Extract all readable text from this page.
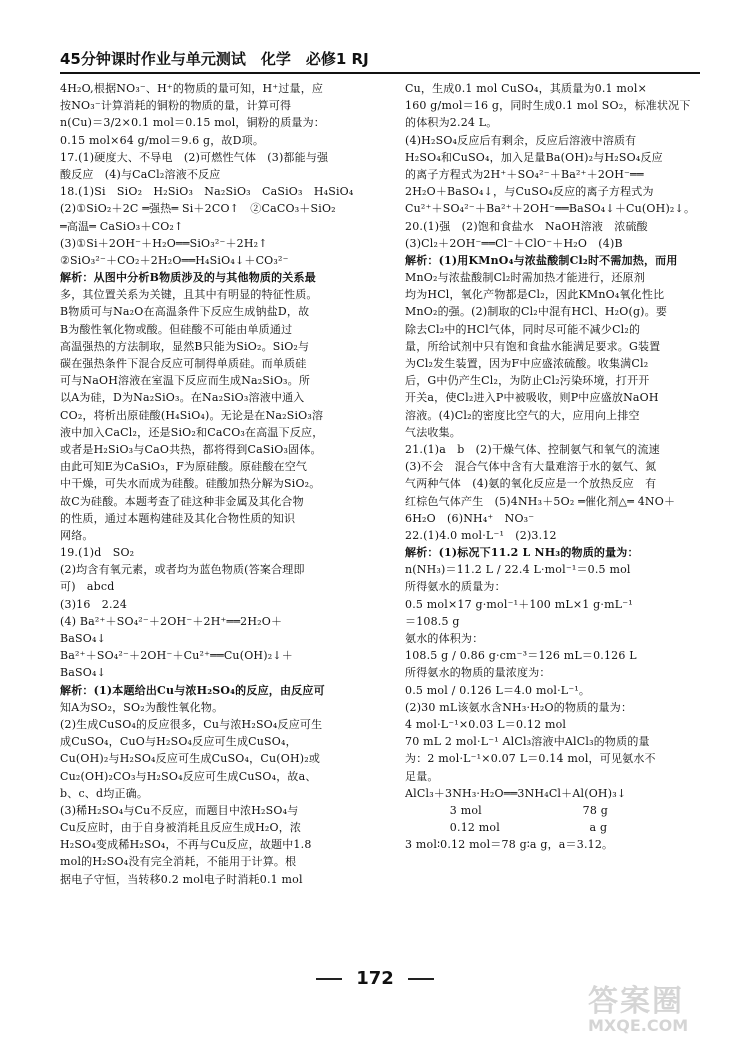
45分钟课时作业与单元测试　化学　必修1 RJ
4H₂O,根据NO₃⁻、H⁺的物质的量可知，H⁺过量，应
按NO₃⁻计算消耗的铜粉的物质的量，计算可得
n(Cu)＝3/2×0.1 mol＝0.15 mol，铜粉的质量为：
0.15 mol×64 g/mol＝9.6 g，故D项。
17.(1)硬度大、不导电　(2)可燃性气体　(3)都能与强
酸反应　(4)与CaCl₂溶液不反应
18.(1)Si　SiO₂　H₂SiO₃　Na₂SiO₃　CaSiO₃　H₄SiO₄
(2)①SiO₂＋2C ═强热═ Si＋2CO↑　②CaCO₃＋SiO₂
═高温═ CaSiO₃＋CO₂↑
(3)①Si＋2OH⁻＋H₂O══SiO₃²⁻＋2H₂↑
②SiO₃²⁻＋CO₂＋2H₂O══H₄SiO₄↓＋CO₃²⁻
解析：从图中分析B物质涉及的与其他物质的关系最
多，其位置关系为关键，且其中有明显的特征性质。
B物质可与Na₂O在高温条件下反应生成钠盐D，故
B为酸性氧化物或酸。但硅酸不可能由单质通过
高温强热的方法制取，显然B只能为SiO₂。SiO₂与
碳在强热条件下混合反应可制得单质硅。而单质硅
可与NaOH溶液在室温下反应而生成Na₂SiO₃。所
以A为硅，D为Na₂SiO₃。在Na₂SiO₃溶液中通入
CO₂，将析出原硅酸(H₄SiO₄)。无论是在Na₂SiO₃溶
液中加入CaCl₂，还是SiO₂和CaCO₃在高温下反应，
或者是H₂SiO₃与CaO共热，都将得到CaSiO₃固体。
由此可知E为CaSiO₃，F为原硅酸。原硅酸在空气
中干燥，可失水而成为硅酸。硅酸加热分解为SiO₂。
故C为硅酸。本题考查了硅这种非金属及其化合物
的性质，通过本题构建硅及其化合物性质的知识
网络。
19.(1)d　SO₂
(2)均含有氧元素，或者均为蓝色物质(答案合理即
可)　abcd
(3)16　2.24
(4) Ba²⁺＋SO₄²⁻＋2OH⁻＋2H⁺══2H₂O＋
BaSO₄↓
Ba²⁺＋SO₄²⁻＋2OH⁻＋Cu²⁺══Cu(OH)₂↓＋
BaSO₄↓
解析：(1)本题给出Cu与浓H₂SO₄的反应，由反应可
知A为SO₂，SO₂为酸性氧化物。
(2)生成CuSO₄的反应很多，Cu与浓H₂SO₄反应可生
成CuSO₄，CuO与H₂SO₄反应可生成CuSO₄，
Cu(OH)₂与H₂SO₄反应可生成CuSO₄，Cu(OH)₂或
Cu₂(OH)₂CO₃与H₂SO₄反应可生成CuSO₄，故a、
b、c、d均正确。
(3)稀H₂SO₄与Cu不反应，而题目中浓H₂SO₄与
Cu反应时，由于自身被消耗且反应生成H₂O，浓
H₂SO₄变成稀H₂SO₄，不再与Cu反应，故题中1.8
mol的H₂SO₄没有完全消耗，不能用于计算。根
据电子守恒，当转移0.2 mol电子时消耗0.1 mol
Cu，生成0.1 mol CuSO₄，其质量为0.1 mol×
160 g/mol＝16 g，同时生成0.1 mol SO₂，标准状况下
的体积为2.24 L。
(4)H₂SO₄反应后有剩余，反应后溶液中溶质有
H₂SO₄和CuSO₄，加入足量Ba(OH)₂与H₂SO₄反应
的离子方程式为2H⁺＋SO₄²⁻＋Ba²⁺＋2OH⁻══
2H₂O＋BaSO₄↓，与CuSO₄反应的离子方程式为
Cu²⁺＋SO₄²⁻＋Ba²⁺＋2OH⁻══BaSO₄↓＋Cu(OH)₂↓。
20.(1)强　(2)饱和食盐水　NaOH溶液　浓硫酸
(3)Cl₂＋2OH⁻══Cl⁻＋ClO⁻＋H₂O　(4)B
解析：(1)用KMnO₄与浓盐酸制Cl₂时不需加热，而用
MnO₂与浓盐酸制Cl₂时需加热才能进行，还原剂
均为HCl，氧化产物都是Cl₂，因此KMnO₄氧化性比
MnO₂的强。(2)制取的Cl₂中混有HCl、H₂O(g)。要
除去Cl₂中的HCl气体，同时尽可能不减少Cl₂的
量，所给试剂中只有饱和食盐水能满足要求。G装置
为Cl₂发生装置，因为F中应盛浓硫酸。收集满Cl₂
后，G中仍产生Cl₂，为防止Cl₂污染环境，打开开
开关a，使Cl₂进入P中被吸收，则P中应盛放NaOH
溶液。(4)Cl₂的密度比空气的大，应用向上排空
气法收集。
21.(1)a　b　(2)干燥气体、控制氨气和氧气的流速
(3)不会　混合气体中含有大量难溶于水的氨气、氮
气两种气体　(4)氨的氧化反应是一个放热反应　有
红棕色气体产生　(5)4NH₃＋5O₂ ═催化剂△═ 4NO＋
6H₂O　(6)NH₄⁺　NO₃⁻
22.(1)4.0 mol·L⁻¹　(2)3.12
解析：(1)标况下11.2 L NH₃的物质的量为：
n(NH₃)＝11.2 L / 22.4 L·mol⁻¹＝0.5 mol
所得氨水的质量为：
0.5 mol×17 g·mol⁻¹＋100 mL×1 g·mL⁻¹
＝108.5 g
氨水的体积为：
108.5 g / 0.86 g·cm⁻³＝126 mL＝0.126 L
所得氨水的物质的量浓度为：
0.5 mol / 0.126 L＝4.0 mol·L⁻¹。
(2)30 mL该氨水含NH₃·H₂O的物质的量为：
4 mol·L⁻¹×0.03 L＝0.12 mol
70 mL 2 mol·L⁻¹ AlCl₃溶液中AlCl₃的物质的量
为：2 mol·L⁻¹×0.07 L＝0.14 mol，可见氨水不
足量。
AlCl₃＋3NH₃·H₂O══3NH₄Cl＋Al(OH)₃↓
　　　　3 mol　　　　　　　　　78 g
　　　　0.12 mol　　　　　　　　a g
3 mol∶0.12 mol＝78 g∶a g，a＝3.12。
172
答案圈
MXQE.COM
